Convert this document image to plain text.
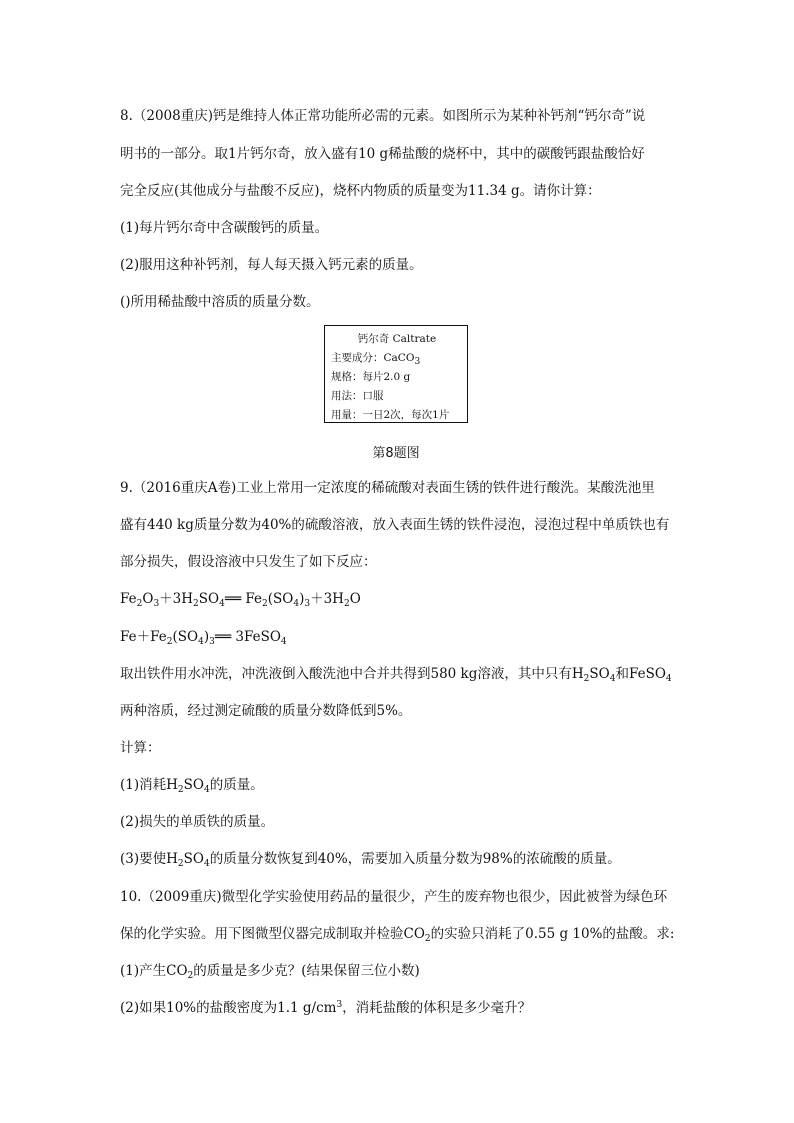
8.（2008重庆)钙是维持人体正常功能所必需的元素。如图所示为某种补钙剂“钙尔奇”说
明书的一部分。取1片钙尔奇，放入盛有10 g稀盐酸的烧杯中，其中的碳酸钙跟盐酸恰好
完全反应(其他成分与盐酸不反应)，烧杯内物质的质量变为11.34 g。请你计算：
(1)每片钙尔奇中含碳酸钙的质量。
(2)服用这种补钙剂，每人每天摄入钙元素的质量。
()所用稀盐酸中溶质的质量分数。
钙尔奇 Caltrate
主要成分：CaCO$_3$
规格：每片2.0 g
用法：口服
用量：一日2次，每次1片
第8题图
9.（2016重庆A卷)工业上常用一定浓度的稀硫酸对表面生锈的铁件进行酸洗。某酸洗池里
盛有440 kg质量分数为40%的硫酸溶液，放入表面生锈的铁件浸泡，浸泡过程中单质铁也有
部分损失，假设溶液中只发生了如下反应：
$Fe_2O_3+3H_2SO_4══$ $Fe_2(SO_4)_3+3H_2O$
$Fe+Fe_2(SO_4)_3══$ 3FeSO$_4$
取出铁件用水冲洗，冲洗液倒入酸洗池中合并共得到580 kg溶液，其中只有$H_2SO_4$和FeSO$_4$
两种溶质，经过测定硫酸的质量分数降低到5%。
计算：
(1)消耗$H_2SO_4$的质量。
(2)损失的单质铁的质量。
(3)要使$H_2SO_4$的质量分数恢复到40%，需要加入质量分数为98%的浓硫酸的质量。
10.（2009重庆)微型化学实验使用药品的量很少，产生的废弃物也很少，因此被誉为绿色环
保的化学实验。用下图微型仪器完成制取并检验$CO_2$的实验只消耗了0.55 g 10%的盐酸。求:
(1)产生$CO_2$的质量是多少克？(结果保留三位小数)
(2)如果10%的盐酸密度为1.1 $g/cm^3$，消耗盐酸的体积是多少毫升？
